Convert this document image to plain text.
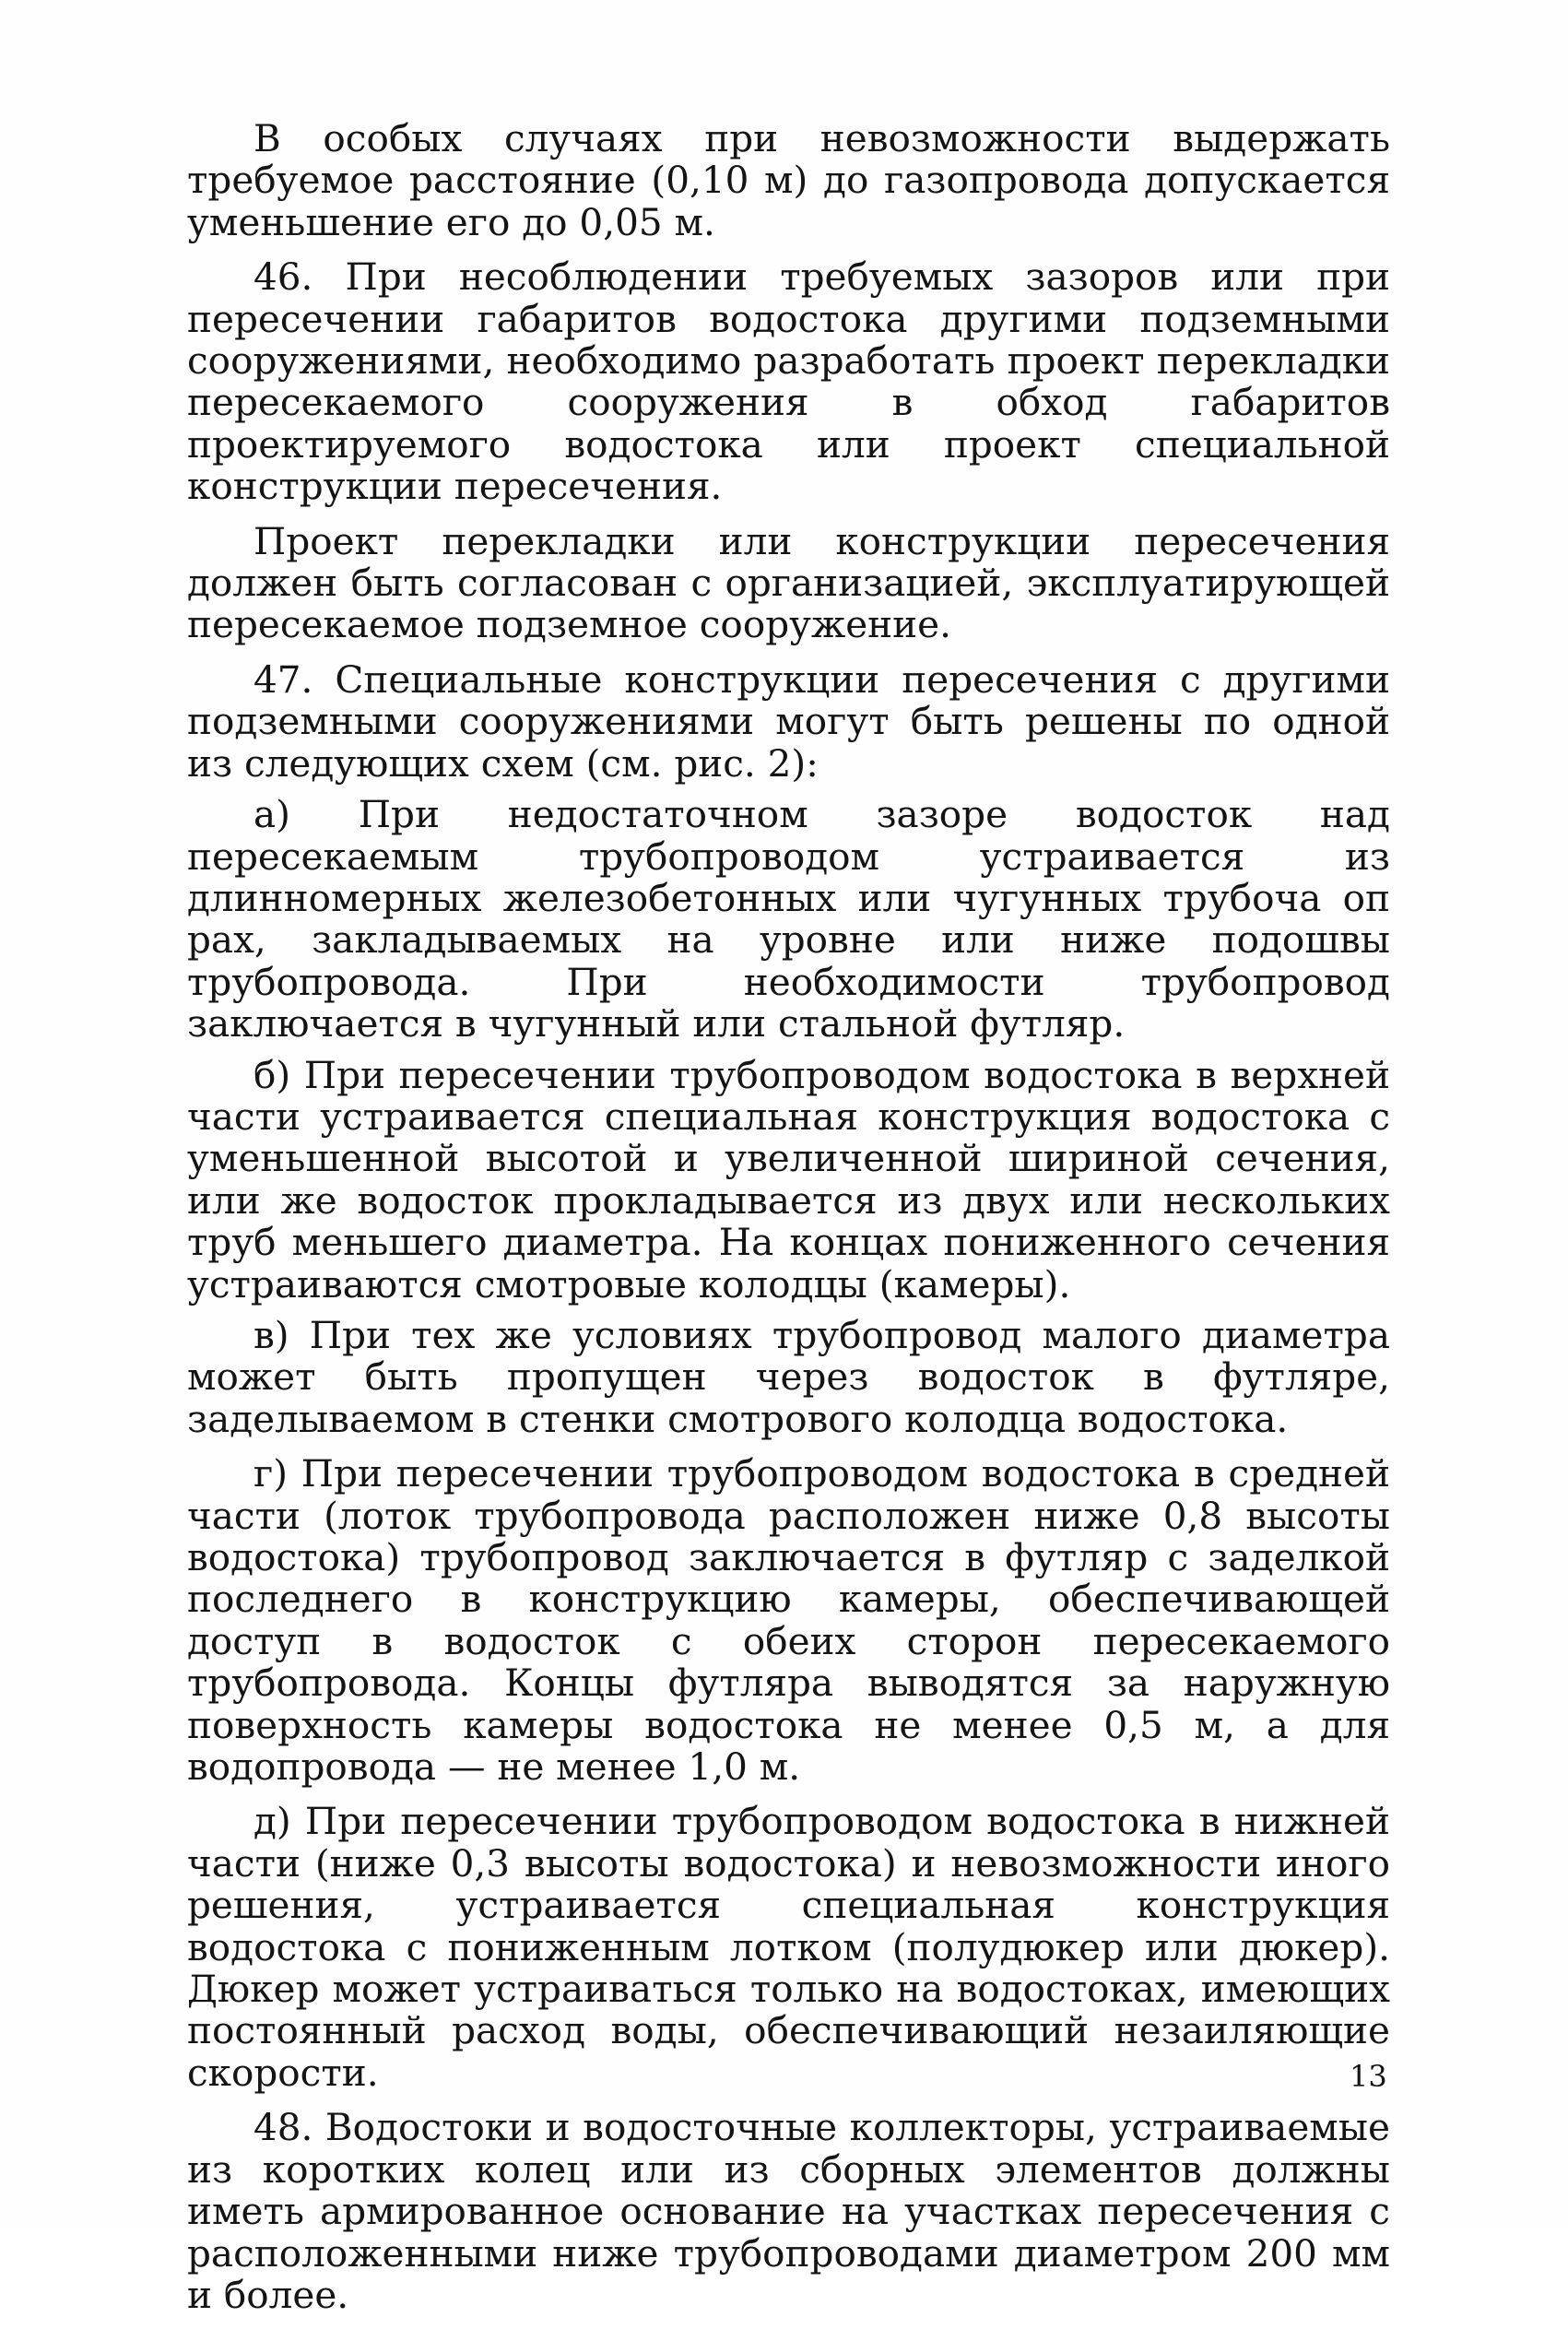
В особых случаях при невозможности выдержать требуемое расстояние (0,10 м) до газопровода допускается уменьшение его до 0,05 м.

46. При несоблюдении требуемых зазоров или при пересечении габаритов водостока другими подземными сооружениями, необходимо разработать проект перекладки пересекаемого сооружения в обход габаритов проектируемого водостока или проект специальной конструкции пересечения.

Проект перекладки или конструкции пересечения должен быть согласован с организацией, эксплуатирующей пересекаемое подземное сооружение.

47. Специальные конструкции пересечения с другими подземными сооружениями могут быть решены по одной из следующих схем (см. рис. 2):

а) При недостаточном зазоре водосток над пересекаемым трубопроводом устраивается из длинномерных железобетонных или чугунных трубоча оп рах, закладываемых на уровне или ниже подошвы трубопровода. При необходимости трубопровод заключается в чугунный или стальной футляр.

б) При пересечении трубопроводом водостока в верхней части устраивается специальная конструкция водостока с уменьшенной высотой и увеличенной шириной сечения, или же водосток прокладывается из двух или нескольких труб меньшего диаметра. На концах пониженного сечения устраиваются смотровые колодцы (камеры).

в) При тех же условиях трубопровод малого диаметра может быть пропущен через водосток в футляре, заделываемом в стенки смотрового колодца водостока.

г) При пересечении трубопроводом водостока в средней части (лоток трубопровода расположен ниже 0,8 высоты водостока) трубопровод заключается в футляр с заделкой последнего в конструкцию камеры, обеспечивающей доступ в водосток с обеих сторон пересекаемого трубопровода. Концы футляра выводятся за наружную поверхность камеры водостока не менее 0,5 м, а для водопровода — не менее 1,0 м.

д) При пересечении трубопроводом водостока в нижней части (ниже 0,3 высоты водостока) и невозможности иного решения, устраивается специальная конструкция водостока с пониженным лотком (полудюкер или дюкер). Дюкер может устраиваться только на водостоках, имеющих постоянный расход воды, обеспечивающий незаиляющие скорости.

48. Водостоки и водосточные коллекторы, устраиваемые из коротких колец или из сборных элементов должны иметь армированное основание на участках пересечения с расположенными ниже трубопроводами диаметром 200 мм и более.

13
